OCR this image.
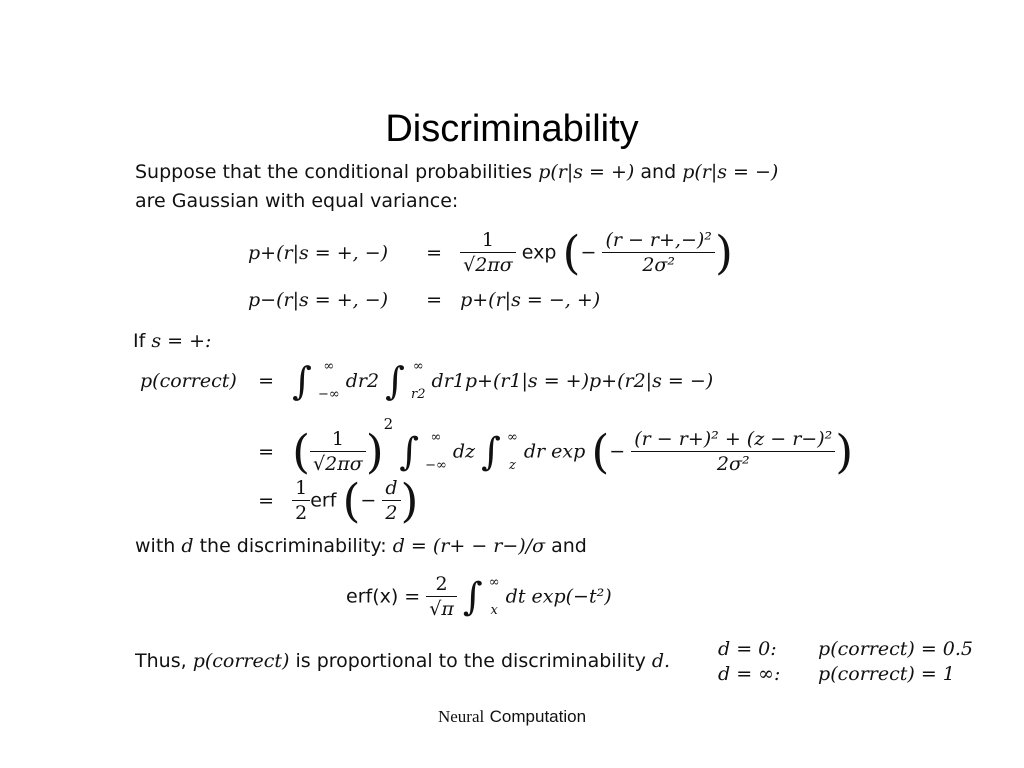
Discriminability
Suppose that the conditional probabilities p(r|s = +) and p(r|s = −)
are Gaussian with equal variance:
p+(r|s = +, −) = $\frac{1}{√2\pi\sigma}$ exp (− $\frac{\text{(r − r+,−)²}}{\text{2σ²}}$ )
p−(r|s = +, −) = p+(r|s = −, +)
If s = +:
p(correct) = ∫ ∞
−∞
dr2 ∫ ∞
r2
dr1p+(r1|s = +)p+(r2|s = −)
= ( $\frac{1}{√2\pi\sigma} )^2$ ∫ ∞
−∞
dz ∫ ∞
z
dr exp (− $\frac{\text{(r − r+)² + (z − r−)²}}{\text{2σ²}}$ )
= $\frac{1}{2}$ erf (− $\frac{d}{2}$ )
with d the discriminability: d = (r+ − r−)/σ and
$erf(x) = \frac{2}{√\pi}$ ∫ ∞
x
dt exp(−t²)
Thus, p(correct) is proportional to the discriminability d.
d = 0: p(correct) = 0.5
d = ∞: p(correct) = 1
Neural Computation
